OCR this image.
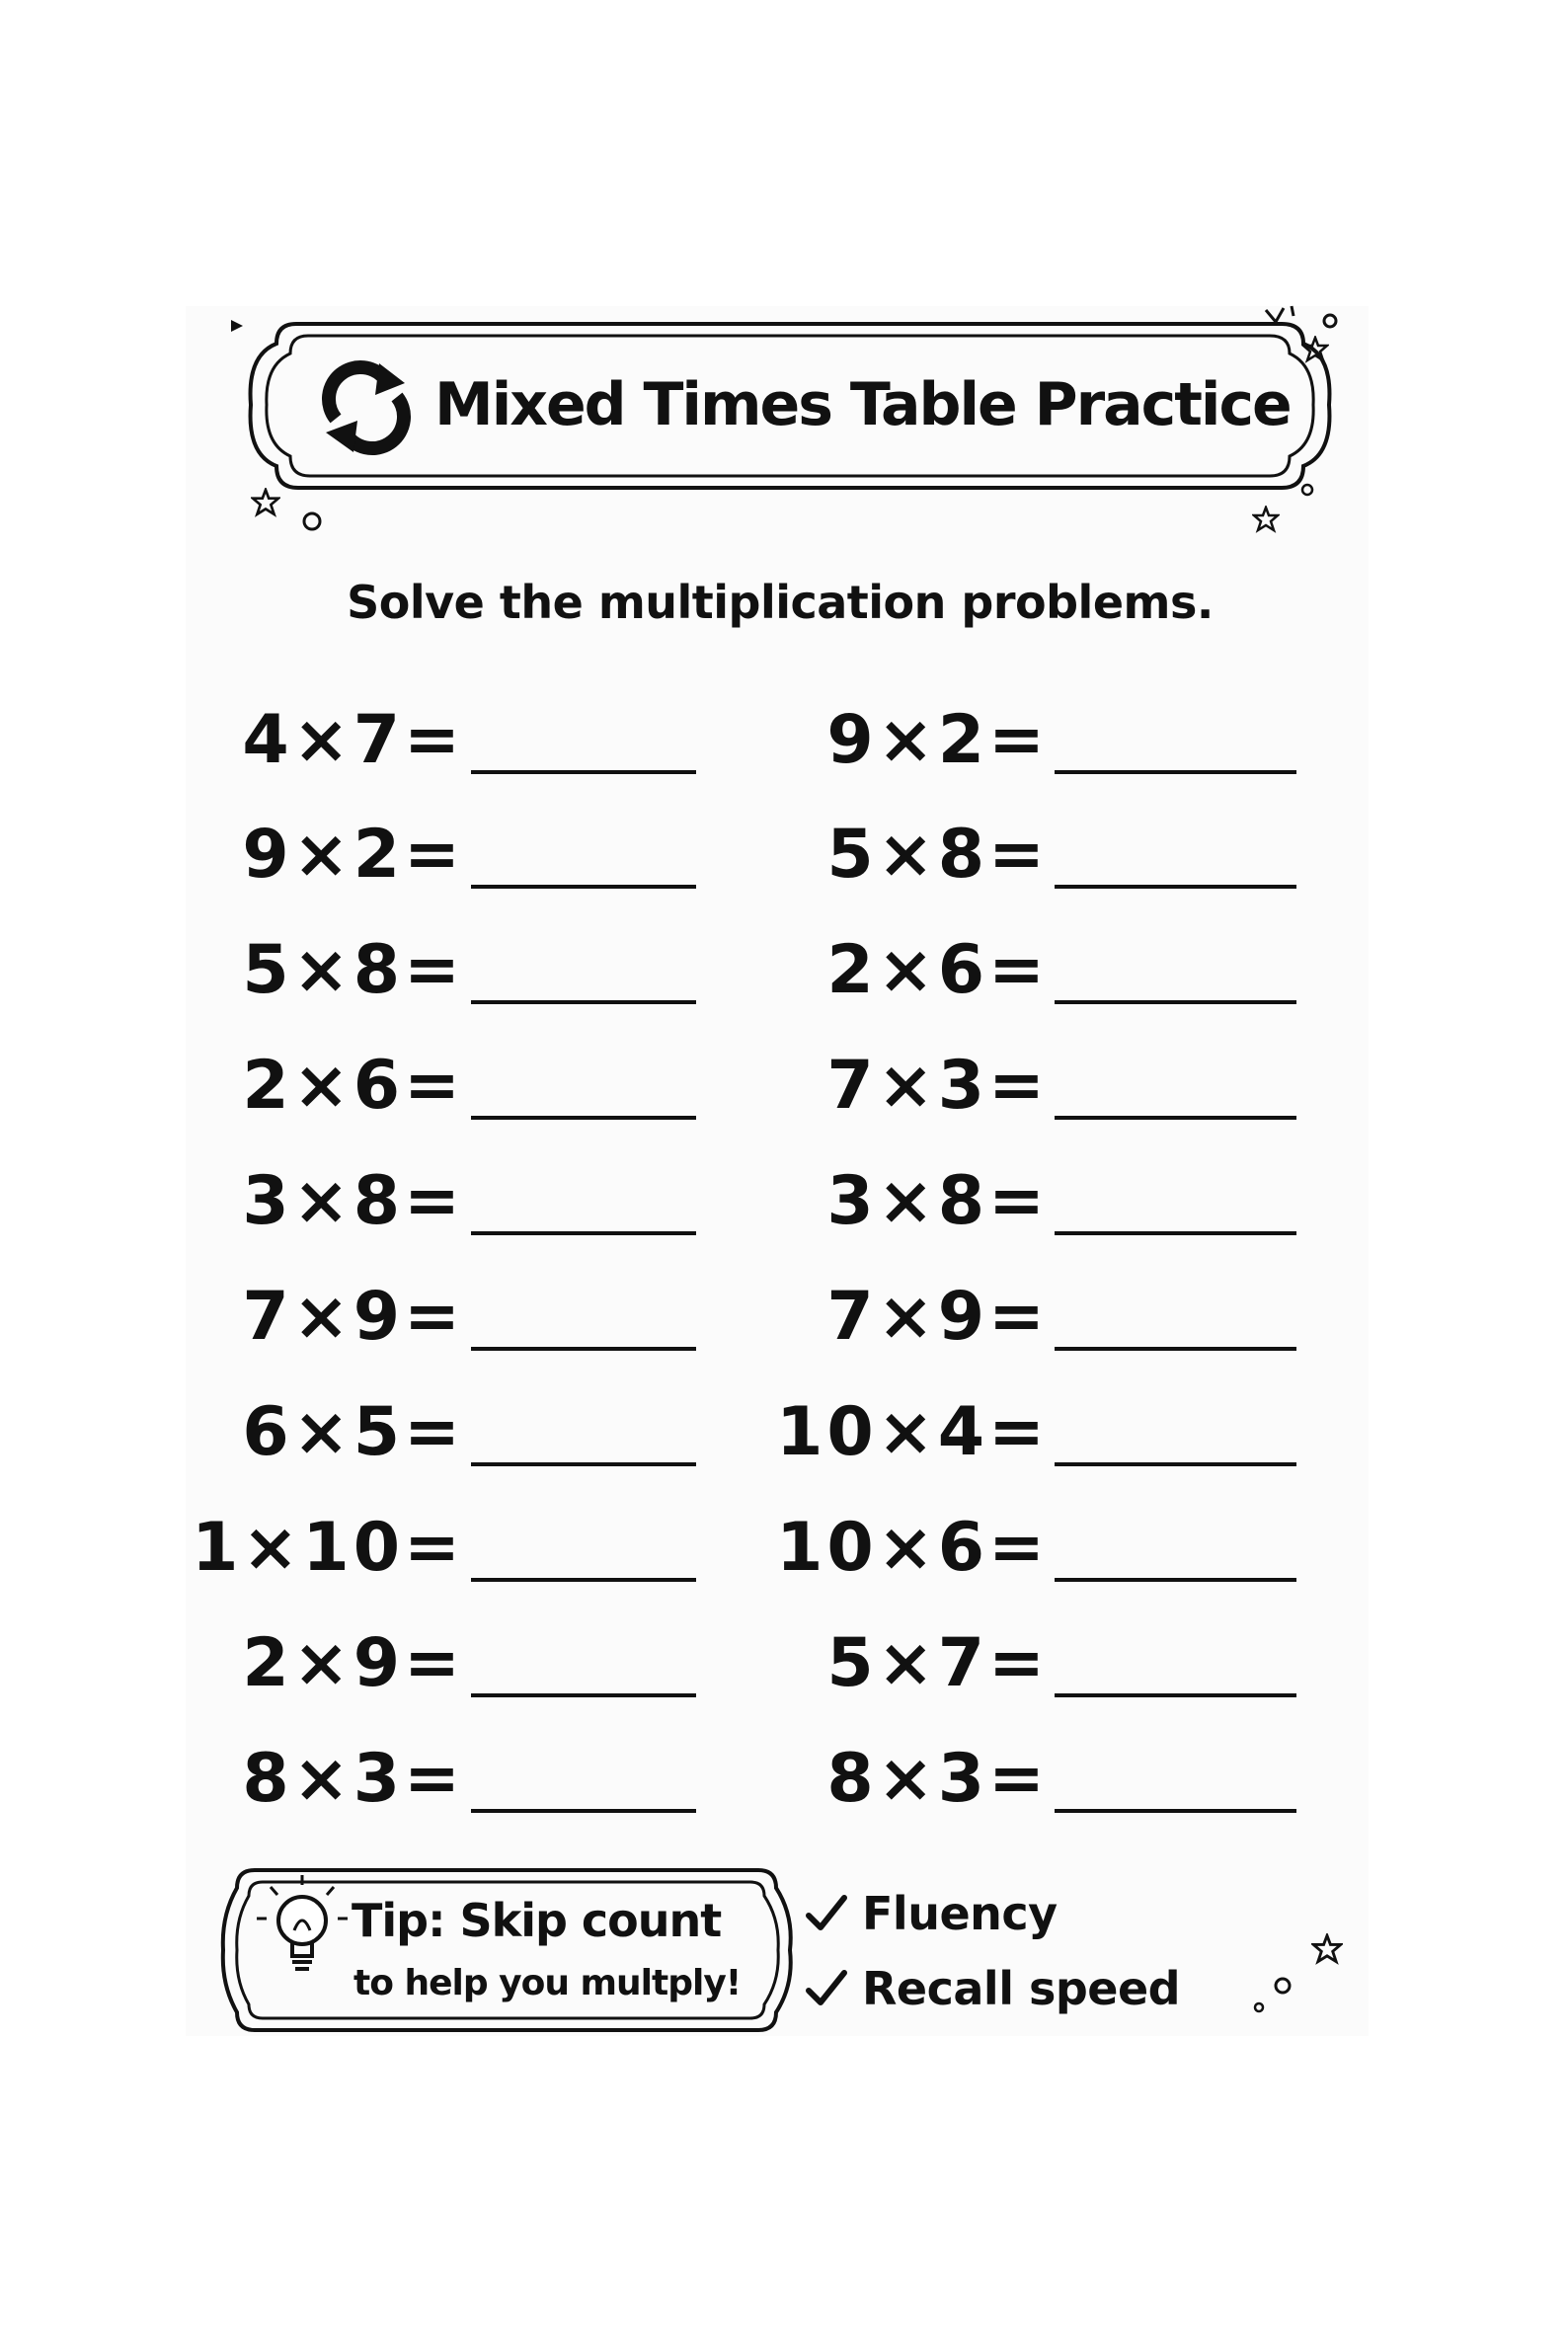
Mixed Times Table Practice
Solve the multiplication problems.
4×7=
9×2=
5×8=
2×6=
3×8=
7×9=
6×5=
1×10=
2×9=
8×3=
9×2=
5×8=
2×6=
7×3=
3×8=
7×9=
10×4=
10×6=
5×7=
8×3=
Tip: Skip count
to help you multply!
Fluency
Recall speed
